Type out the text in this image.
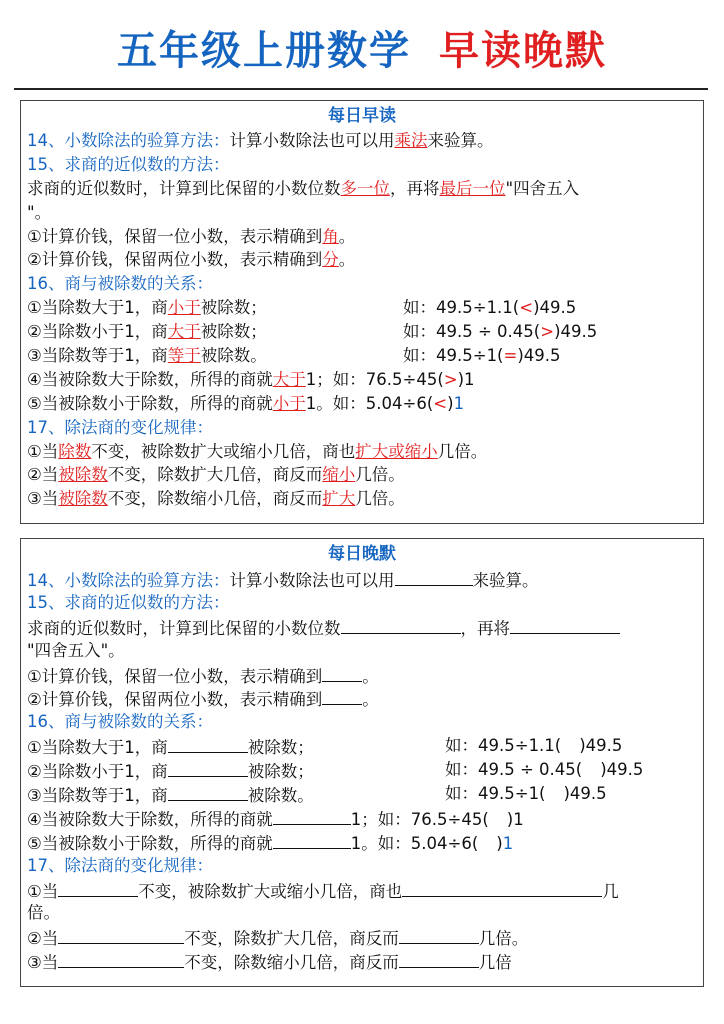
五年级上册数学 早读晚默
每日早读
14、小数除法的验算方法：计算小数除法也可以用乘法来验算。
15、求商的近似数的方法：
求商的近似数时，计算到比保留的小数位数多一位，再将最后一位"四舍五入
"。
①计算价钱，保留一位小数，表示精确到角。
②计算价钱，保留两位小数，表示精确到分。
16、商与被除数的关系：
①当除数大于1，商小于被除数；	如：49.5÷1.1(<)49.5
②当除数小于1，商大于被除数；	如：49.5 ÷ 0.45(>)49.5
③当除数等于1，商等于被除数。	如：49.5÷1(=)49.5
④当被除数大于除数，所得的商就大于1；如：76.5÷45(>)1
⑤当被除数小于除数，所得的商就小于1。如：5.04÷6(<)1
17、除法商的变化规律：
①当除数不变，被除数扩大或缩小几倍，商也扩大或缩小几倍。
②当被除数不变，除数扩大几倍，商反而缩小几倍。
③当被除数不变，除数缩小几倍，商反而扩大几倍。
每日晚默
14、小数除法的验算方法：计算小数除法也可以用	来验算。
15、求商的近似数的方法：
求商的近似数时，计算到比保留的小数位数	，再将
"四舍五入"。
①计算价钱，保留一位小数，表示精确到 。
②计算价钱，保留两位小数，表示精确到 。
16、商与被除数的关系：
①当除数大于1，商	被除数；	如：49.5÷1.1( )49.5
②当除数小于1，商	被除数；	如：49.5 ÷ 0.45( )49.5
③当除数等于1，商	被除数。	如：49.5÷1( )49.5
④当被除数大于除数，所得的商就	1；如：76.5÷45( )1
⑤当被除数小于除数，所得的商就	1。如：5.04÷6( )1
17、除法商的变化规律：
①当	不变，被除数扩大或缩小几倍，商也	几
倍。
②当	不变，除数扩大几倍，商反而	几倍。
③当	不变，除数缩小几倍，商反而	几倍
